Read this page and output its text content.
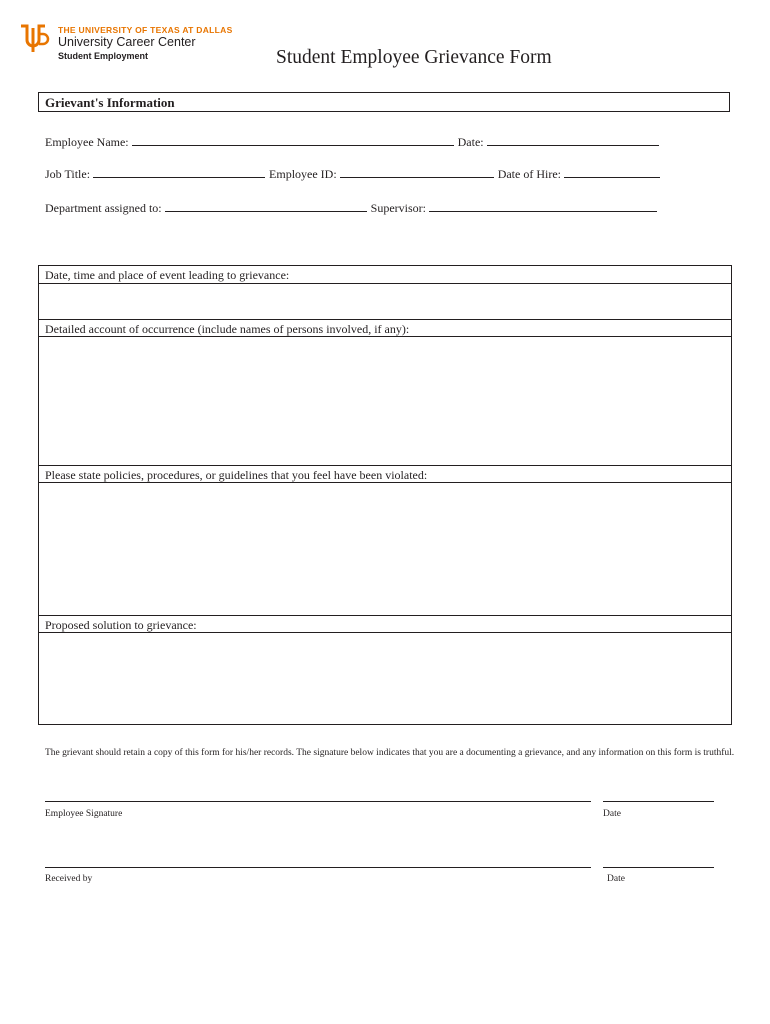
THE UNIVERSITY OF TEXAS AT DALLAS
University Career Center
Student Employment	Student Employee Grievance Form
Grievant's Information
Employee Name:	Date:
Job Title:	Employee ID:	Date of Hire:
Department assigned to:	Supervisor:
Date, time and place of event leading to grievance:
Detailed account of occurrence (include names of persons involved, if any):
Please state policies, procedures, or guidelines that you feel have been violated:
Proposed solution to grievance:
The grievant should retain a copy of this form for his/her records. The signature below indicates that you are a documenting a grievance, and any information on this form is truthful.
Employee Signature	Date
Received by	Date
